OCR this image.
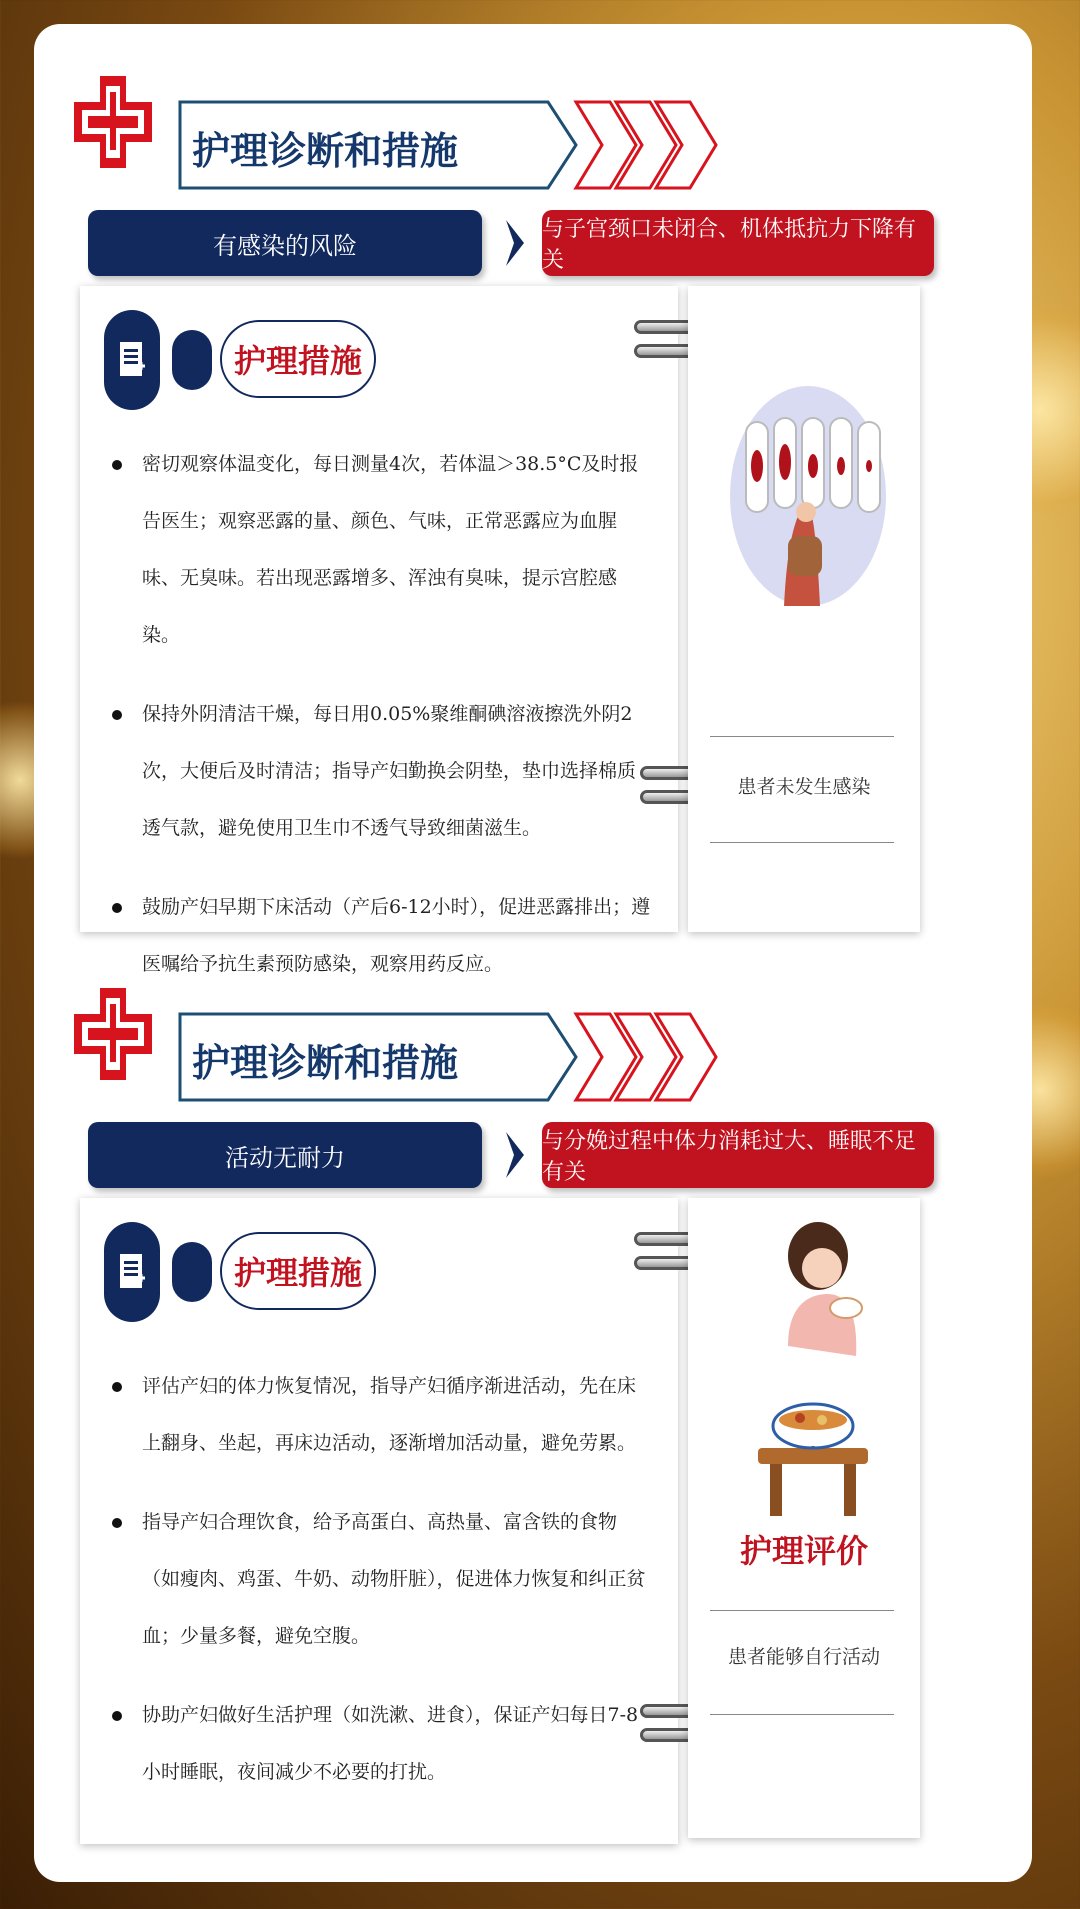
护理诊断和措施
有感染的风险
与子宫颈口未闭合、机体抵抗力下降有关
护理措施
密切观察体温变化，每日测量4次，若体温＞38.5°C及时报告医生；观察恶露的量、颜色、气味，正常恶露应为血腥味、无臭味。若出现恶露增多、浑浊有臭味，提示宫腔感染。
保持外阴清洁干燥，每日用0.05%聚维酮碘溶液擦洗外阴2次，大便后及时清洁；指导产妇勤换会阴垫，垫巾选择棉质透气款，避免使用卫生巾不透气导致细菌滋生。
鼓励产妇早期下床活动（产后6-12小时），促进恶露排出；遵医嘱给予抗生素预防感染，观察用药反应。
患者未发生感染
护理诊断和措施
活动无耐力
与分娩过程中体力消耗过大、睡眠不足有关
护理措施
评估产妇的体力恢复情况，指导产妇循序渐进活动，先在床上翻身、坐起，再床边活动，逐渐增加活动量，避免劳累。
指导产妇合理饮食，给予高蛋白、高热量、富含铁的食物（如瘦肉、鸡蛋、牛奶、动物肝脏），促进体力恢复和纠正贫血；少量多餐，避免空腹。
协助产妇做好生活护理（如洗漱、进食），保证产妇每日7-8小时睡眠，夜间减少不必要的打扰。
护理评价
患者能够自行活动
